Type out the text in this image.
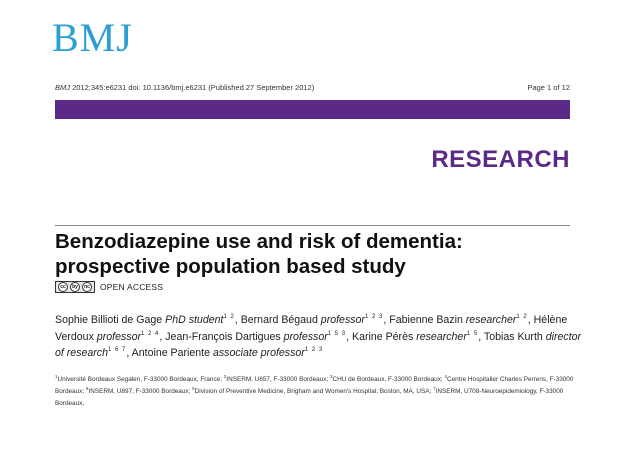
BMJ
BMJ 2012;345:e6231 doi: 10.1136/bmj.e6231 (Published 27 September 2012)	Page 1 of 12
RESEARCH
Benzodiazepine use and risk of dementia: prospective population based study
cc	by	nc OPEN ACCESS
Sophie Billioti de Gage PhD student$^{1 2}$, Bernard Bégaud professor$^{1 2 3}$, Fabienne Bazin researcher$^{1 2}$, Hélène Verdoux professor$^{1 2 4}$, Jean-François Dartigues professor$^{1 5 3}$, Karine Pérès researcher$^{1 5}$, Tobias Kurth director of research$^{1 6 7}$, Antoine Pariente associate professor$^{1 2 3}$
$^1$Université Bordeaux Segalen, F-33000 Bordeaux, France; $^2$INSERM, U657, F-33000 Bordeaux; $^3$CHU de Bordeaux, F-33000 Bordeaux; $^4$Centre Hospitalier Charles Perrens, F-33000 Bordeaux; $^5$INSERM, U897, F-33000 Bordeaux; $^6$Division of Preventive Medicine, Brigham and Women's Hospital, Boston, MA, USA; $^7$INSERM, U708-Neuroepidemiology, F-33000 Bordeaux,
